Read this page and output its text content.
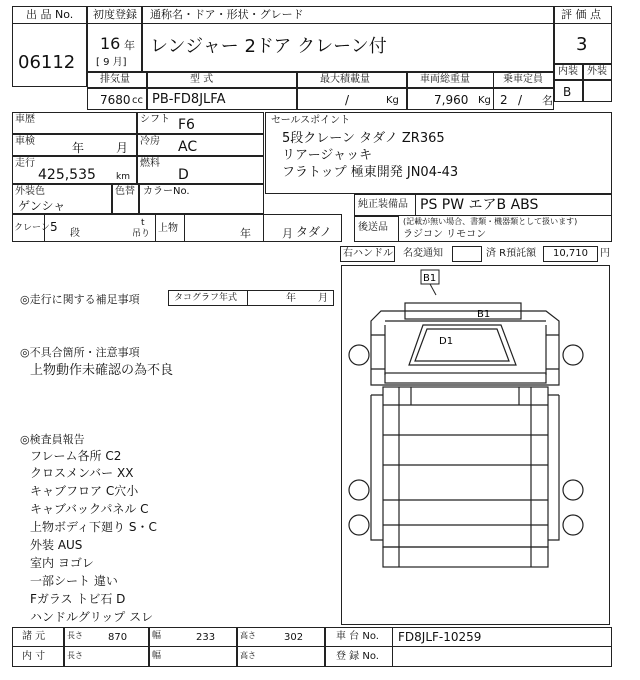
出 品 No.
06112
初度登録
16 年
[ 9 月]
通称名・ドア・形状・グレード
レンジャー 2ドア クレーン付
評 価 点
3
内装 外装
B
排気量
7680 cc
型 式
PB-FD8JLFA
最大積載量
/	Kg
車両総重量
7,960 Kg
乗車定員
2 / 名
車歴
車検	年	月
走行
425,535 km
シフト F6
冷房 AC
燃料
D
外装色
ゲンシャ
色替 カラーNo.
クレーン 5 段
t
吊り 上物	年	月 タダノ
セールスポイント
5段クレーン タダノ ZR365
リアージャッキ
フラトップ 極東開発 JN04-43
純正装備品 PS PW エアB ABS
後送品
(記載が無い場合、書類・機器類として扱います)
ラジコン リモコン
右ハンドル 名変通知	済 R預託額 10,710 円
◎走行に関する補足事項	タコグラフ年式	年 月
◎不具合箇所・注意事項
上物動作未確認の為不良
◎検査員報告
フレーム各所 C2
クロスメンバー XX
キャブフロア C穴小
キャブバックパネル C
上物ボディ下廻り S・C
外装 AUS
室内 ヨゴレ
一部シート 違い
Fガラス トビ石 D
ハンドルグリップ スレ
B1
B1
D1
諸 元	長さ	870	幅	233	高さ	302	車 台 No. FD8JLF-10259
内 寸	長さ	幅	高さ	登 録 No.
